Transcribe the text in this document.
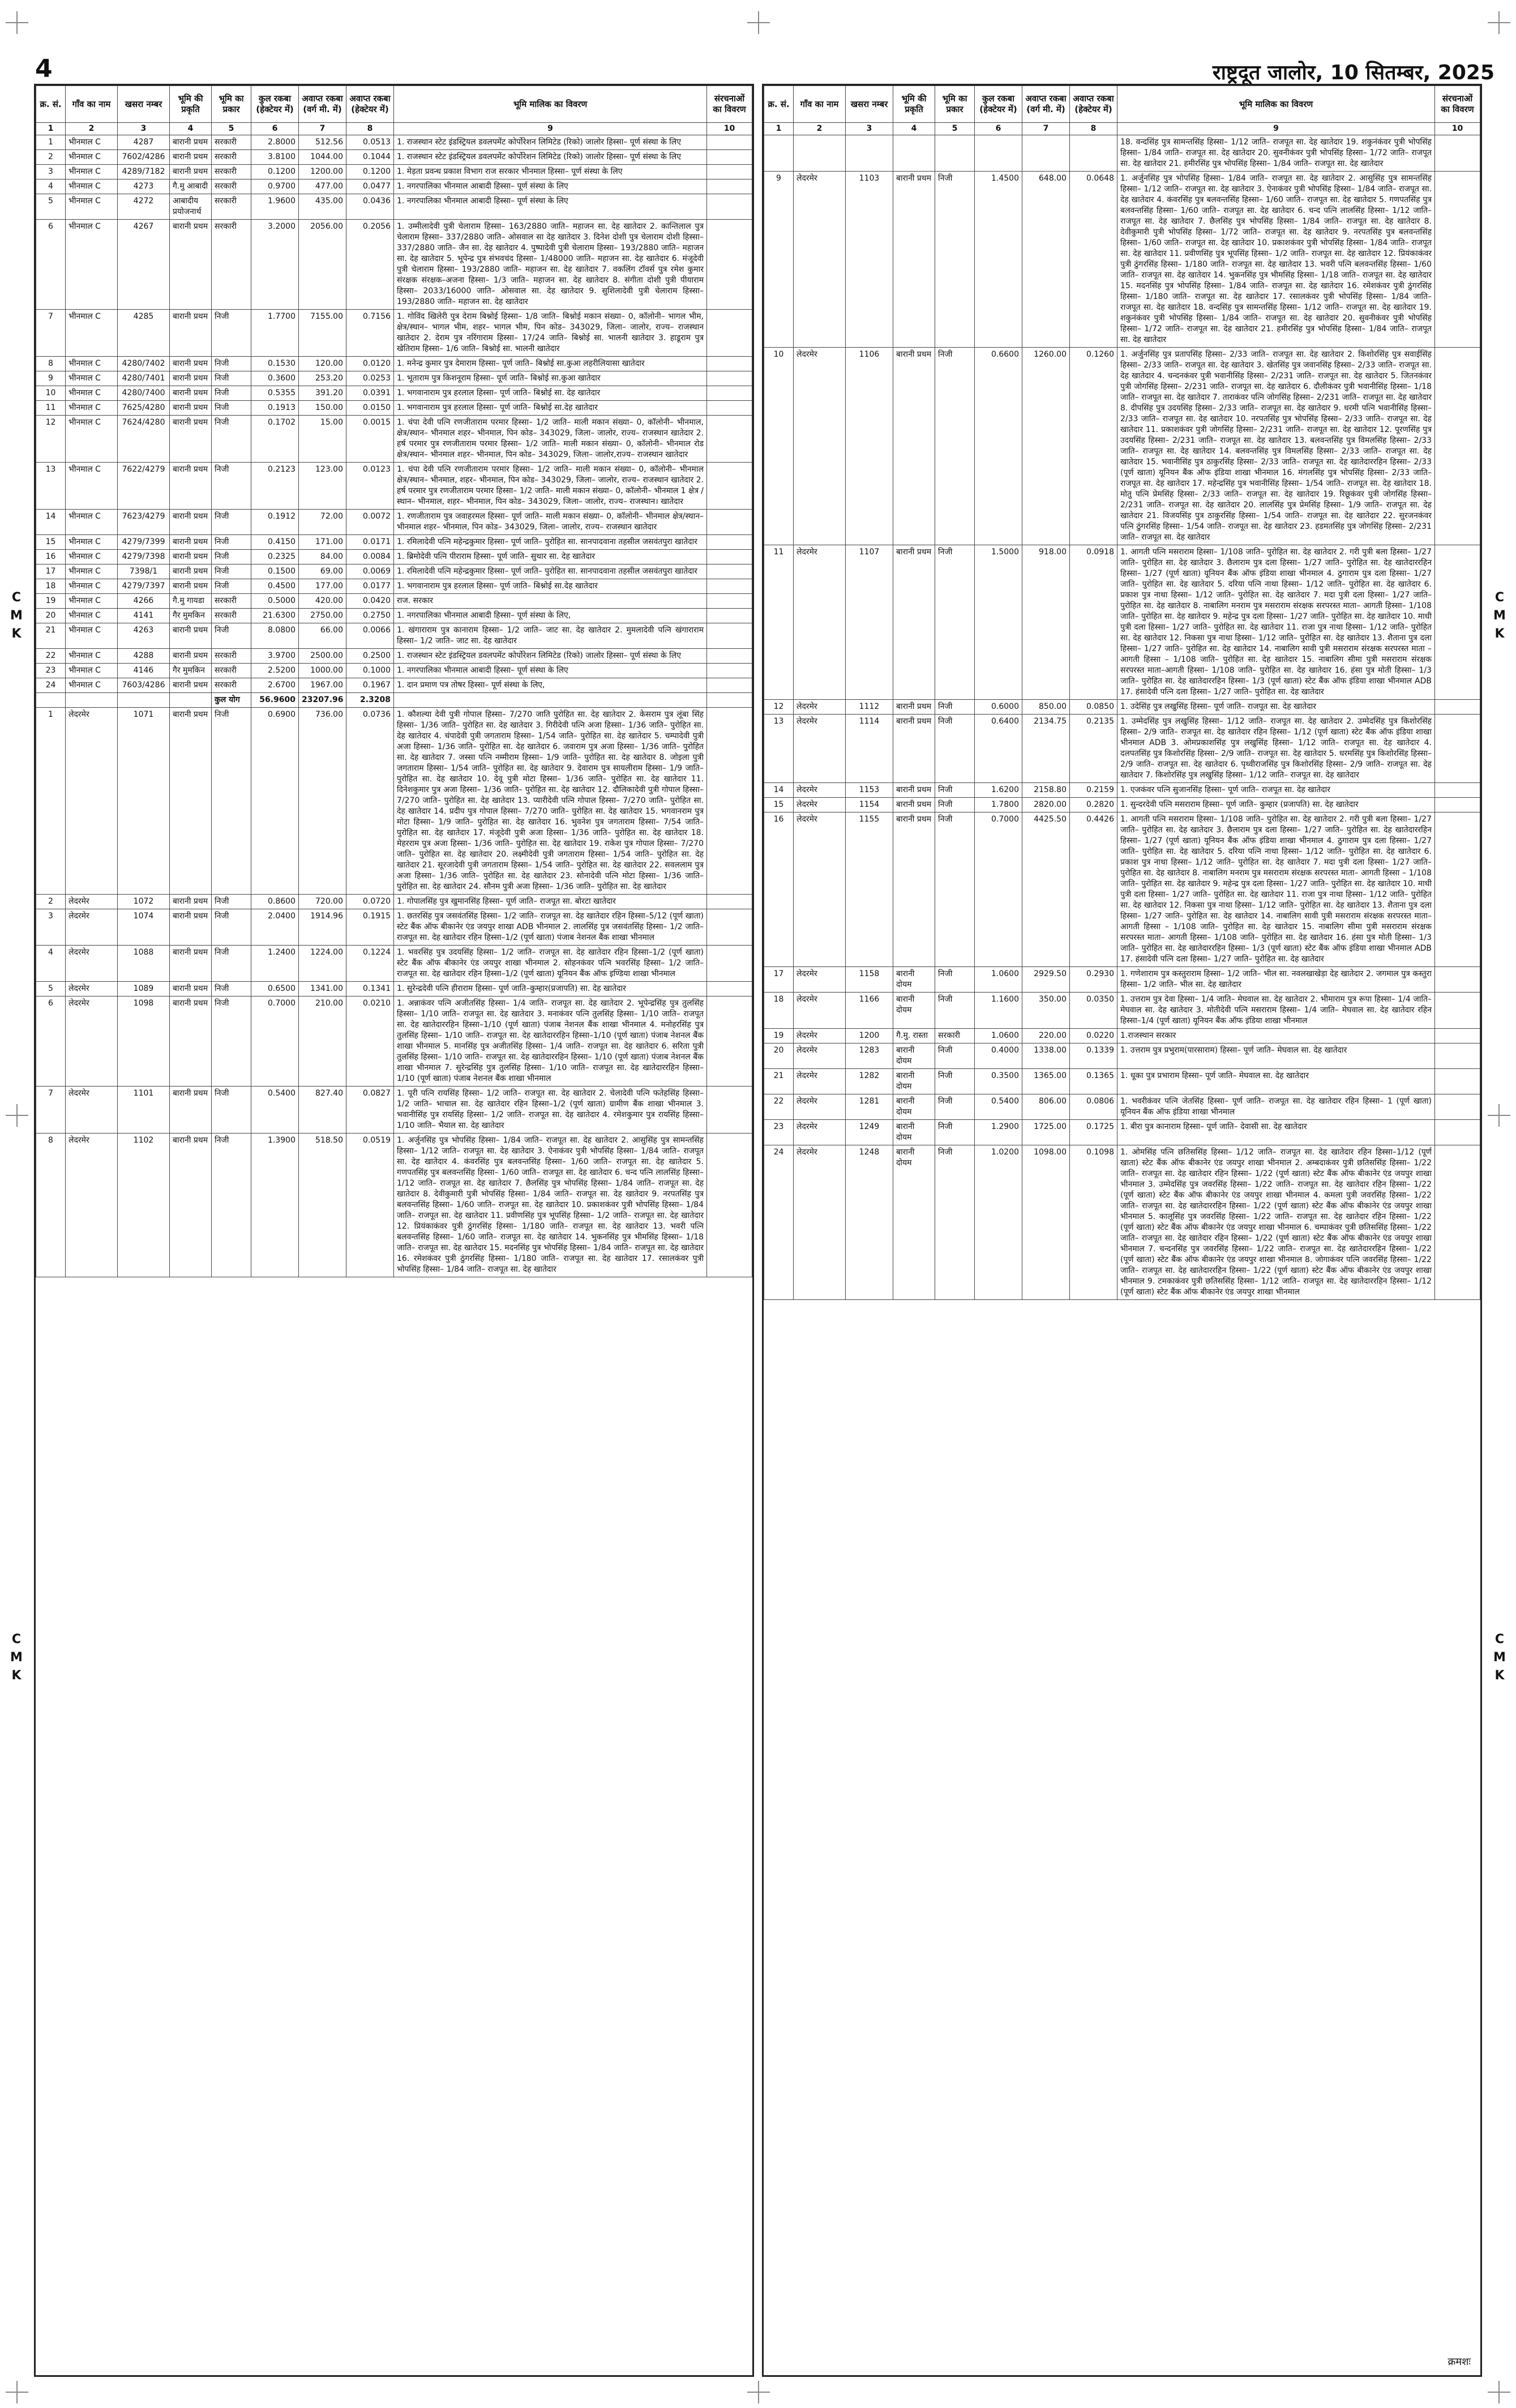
4	राष्ट्रदूत जालोर, 10 सितम्बर, 2025
C
M
K
C
M
K
C
M
K
C
M
K
क्र. सं.	गाँव का नाम	खसरा नम्बर	भूमि की प्रकृति	भूमि का प्रकार	कुल रकबा (हेक्टेयर में)	अवाप्त रकबा (वर्ग मी. में)	अवाप्त रकबा (हेक्टेयर में)	भूमि मालिक का विवरण	संरचनाओं का विवरण
1	2	3	4	5	6	7	8	9	10
1	भीनमाल C	4287	बारानी प्रथम	सरकारी	2.8000	512.56	0.0513	1. राजस्थान स्टेट इंडस्ट्रियल डवलपमेंट कोर्पोरेशन लिमिटेड (रिको) जालोर हिस्सा– पूर्ण संस्था के लिए	
2	भीनमाल C	7602/4286	बारानी प्रथम	सरकारी	3.8100	1044.00	0.1044	1. राजस्थान स्टेट इंडस्ट्रियल डवलपमेंट कोर्पोरेशन लिमिटेड (रिको) जालोर हिस्सा– पूर्ण संस्था के लिए	
3	भीनमाल C	4289/7182	बारानी प्रथम	सरकारी	0.1200	1200.00	0.1200	1. मेड़ता प्रवन्ध प्रकाश विभाग राज सरकार भीनमाल हिस्सा– पूर्ण संस्था के लिए	
4	भीनमाल C	4273	गै.मु आबादी	सरकारी	0.9700	477.00	0.0477	1. नगरपालिका भीनमाल आबादी हिस्सा– पूर्ण संस्था के लिए	
5	भीनमाल C	4272	आबादीय प्रयोजनार्थ	सरकारी	1.9600	435.00	0.0436	1. नगरपालिका भीनमाल आबादी हिस्सा– पूर्ण संस्था के लिए	
6	भीनमाल C	4267	बारानी प्रथम	सरकारी	3.2000	2056.00	0.2056	1. उम्मीलादेवी पुत्री चेलाराम हिस्सा– 163/2880 जाति– महाजन सा. देह खातेदार 2. कान्तिलाल पुत्र चेलाराम हिस्सा– 337/2880 जाति– ओसवाल सा देह खातेदार 3. दिनेश दोशी पुत्र चेलाराम दोशी हिस्सा– 337/2880 जाति– जैन सा. देह खातेदार 4. पुष्पादेवी पुत्री चेलाराम हिस्सा– 193/2880 जाति– महाजन सा. देह खातेदार 5. भूपेन्द्र पुत्र संभवचंद हिस्सा– 1/48000 जाति– महाजन सा. देह खातेदार 6. मंजूदेवी पुत्री चेलाराम हिस्सा– 193/2880 जाति– महाजन सा. देह खातेदार 7. वकलिंग टॉवर्स पुत्र रमेश कुमार संरक्षक संरक्षक–अजना हिस्सा– 1/3 जाति– महाजन सा. देह खातेदार 8. संगीता दोशी पुत्री पीयाराम हिस्सा– 2033/16000 जाति– ओसवाल सा. देह खातेदार 9. सुशिलादेवी पुत्री चेलाराम हिस्सा– 193/2880 जाति– महाजन सा. देह खातेदार	
7	भीनमाल C	4285	बारानी प्रथम	निजी	1.7700	7155.00	0.7156	1. गोविंद खिलेरी पुत्र देराम बिश्नोई हिस्सा– 1/8 जाति– बिश्नोई मकान संख्या– 0, कॉलोनी– भागल भीम, क्षेत्र/स्थान– भागल भीम, शहर– भागल भीम, पिन कोड– 343029, जिला– जालोर, राज्य– राजस्थान खातेदार 2. देराम पुत्र नरिंगाराम हिस्सा– 17/24 जाति– बिश्नोई सा. भालनी खातेदार 3. हाडूराम पुत्र खेतिराम हिस्सा– 1/6 जाति– बिश्नोई सा. भालनी खातेदार	
8	भीनमाल C	4280/7402	बारानी प्रथम	निजी	0.1530	120.00	0.0120	1. मनेन्द्र कुमार पुत्र देमाराम हिस्सा– पूर्ण जाति– बिश्नोई सा.कुआ लहरीलियासा खातेदार	
9	भीनमाल C	4280/7401	बारानी प्रथम	निजी	0.3600	253.20	0.0253	1. भूताराम पुत्र किशनूराम हिस्सा– पूर्ण जाति– बिश्नोई सा.कुआ खातेदार	
10	भीनमाल C	4280/7400	बारानी प्रथम	निजी	0.5355	391.20	0.0391	1. भगवानाराम पुत्र हरलाल हिस्सा– पूर्ण जाति– बिश्नोई सा. देह खातेदार	
11	भीनमाल C	7625/4280	बारानी प्रथम	निजी	0.1913	150.00	0.0150	1. भगवानाराम पुत्र हरलाल हिस्सा– पूर्ण जाति– बिश्नोई सा.देह खातेदार	
12	भीनमाल C	7624/4280	बारानी प्रथम	निजी	0.1702	15.00	0.0015	1. चंपा देवी पत्नि रणजीताराम परमार हिस्सा– 1/2 जाति– माली मकान संख्या– 0, कॉलोनी– भीनमाल, क्षेत्र/स्थान– भीनमाल शहर– भीनमाल, पिन कोड– 343029, जिला– जालोर, राज्य– राजस्थान खातेदार 2. हर्ष परमार पुत्र रणजीताराम परमार हिस्सा– 1/2 जाति– माली मकान संख्या– 0, कॉलोनी– भीनमाल रोड क्षेत्र/स्थान– भीनमाल शहर– भीनमाल, पिन कोड– 343029, जिला– जालोर,राज्य– राजस्थान खातेदार	
13	भीनमाल C	7622/4279	बारानी प्रथम	निजी	0.2123	123.00	0.0123	1. चंपा देवी पत्नि रणजीताराम परमार हिस्सा– 1/2 जाति– माली मकान संख्या– 0, कॉलोनी– भीनमाल क्षेत्र/स्थान– भीनमाल, शहर– भीनमाल, पिन कोड– 343029, जिला– जालोर, राज्य– राजस्थान खातेदार 2. हर्ष परमार पुत्र रणजीताराम परमार हिस्सा– 1/2 जाति– माली मकान संख्या– 0, कॉलोनी– भीनमाल 1 क्षेत्र / स्थान– भीनमाल, शहर– भीनमाल, पिन कोड– 343029, जिला– जालोर, राज्य– राजस्थान। खातेदार	
14	भीनमाल C	7623/4279	बारानी प्रथम	निजी	0.1912	72.00	0.0072	1. रणजीताराम पुत्र जवाहरमल हिस्सा– पूर्ण जाति– माली मकान संख्या– 0, कॉलोनी– भीनमाल क्षेत्र/स्थान– भीनमाल शहर– भीनमाल, पिन कोड– 343029, जिला– जालोर, राज्य– राजस्थान खातेदार	
15	भीनमाल C	4279/7399	बारानी प्रथम	निजी	0.4150	171.00	0.0171	1. रमिलादेवी पत्नि महेन्द्रकुमार हिस्सा– पूर्ण जाति– पुरोहित सा. सानपादवाना तहसील जसवंतपुरा खातेदार	
16	भीनमाल C	4279/7398	बारानी प्रथम	निजी	0.2325	84.00	0.0084	1. ब्रिमोदेवी पत्नि पीराराम हिस्सा– पूर्ण जाति– सुथार सा. देह खातेदार	
17	भीनमाल C	7398/1	बारानी प्रथम	निजी	0.1500	69.00	0.0069	1. रमिलादेवी पत्नि महेन्द्रकुमार हिस्सा– पूर्ण जाति– पुरोहित सा. सानपादवाना तहसील जसवंतपुरा खातेदार	
18	भीनमाल C	4279/7397	बारानी प्रथम	निजी	0.4500	177.00	0.0177	1. भगवानाराम पुत्र हरलाल हिस्सा– पूर्ण जाति– बिश्नोई सा.देह खातेदार	
19	भीनमाल C	4266	गै.मु गायडा	सरकारी	0.5000	420.00	0.0420	राज. सरकार	
20	भीनमाल C	4141	गैर मुमकिन	सरकारी	21.6300	2750.00	0.2750	1. नगरपालिका भीनमाल आबादी हिस्सा– पूर्ण संस्था के लिए,	
21	भीनमाल C	4263	बारानी प्रथम	निजी	8.0800	66.00	0.0066	1. खंगाराराम पुत्र कानाराम हिस्सा– 1/2 जाति– जाट सा. देह खातेदार 2. मुमलादेवी पत्नि खंगाराराम हिस्सा– 1/2 जाति– जाट सा. देह खातेदार	
22	भीनमाल C	4288	बारानी प्रथम	सरकारी	3.9700	2500.00	0.2500	1. राजस्थान स्टेट इंडस्ट्रियल डवलपमेंट कोर्पोरेशन लिमिटेड (रिको) जालोर हिस्सा– पूर्ण संस्था के लिए	
23	भीनमाल C	4146	गैर मुमकिन	सरकारी	2.5200	1000.00	0.1000	1. नगरपालिका भीनमाल आबादी हिस्सा– पूर्ण संस्था के लिए	
24	भीनमाल C	7603/4286	बारानी प्रथम	सरकारी	2.6700	1967.00	0.1967	1. दान प्रमाण पत्र तोषर हिस्सा– पूर्ण संस्था के लिए,	
				कुल योग	56.9600	23207.96	2.3208		
1	लेदरमेर	1071	बारानी प्रथम	निजी	0.6900	736.00	0.0736	1. कौशल्या देवी पुत्री गोपाल हिस्सा– 7/270 जाति पुरोहित सा. देह खातेदार 2. केसराम पुत्र लूंबा सिंह हिस्सा– 1/36 जाति– पुरोहित सा. देह खातेदार 3. गिरीदेवी पत्नि अजा हिस्सा– 1/36 जाति– पुरोहित सा. देह खातेदार 4. चंपादेवी पुत्री जगताराम हिस्सा– 1/54 जाति– पुरोहित सा. देह खातेदार 5. चम्पादेवी पुत्री अजा हिस्सा– 1/36 जाति– पुरोहित सा. देह खातेदार 6. जवाराम पुत्र अजा हिस्सा– 1/36 जाति– पुरोहित सा. देह खातेदार 7. जस्सा पत्नि नम्मीराम हिस्सा– 1/9 जाति– पुरोहित सा. देह खातेदार 8. जोइला पुत्री जगताराम हिस्सा– 1/54 जाति– पुरोहित सा. देह खातेदार 9. देवाराम पुत्र सायलीराम हिस्सा– 1/9 जाति– पुरोहित सा. देह खातेदार 10. देवू पुत्री मोटा हिस्सा– 1/36 जाति– पुरोहित सा. देह खातेदार 11. दिनेशकुमार पुत्र अजा हिस्सा– 1/36 जाति– पुरोहित सा. देह खातेदार 12. दौलिकादेवी पुत्री गोपाल हिस्सा– 7/270 जाति– पुरोहित सा. देह खातेदार 13. प्यारीदेवी पत्नि गोपाल हिस्सा– 7/270 जाति– पुरोहित सा. देह खातेदार 14. प्रदीप पुत्र गोपाल हिस्सा– 7/270 जाति– पुरोहित सा. देह खातेदार 15. भगवानराम पुत्र मोटा हिस्सा– 1/9 जाति– पुरोहित सा. देह खातेदार 16. भुवनेश पुत्र जगताराम हिस्सा– 7/54 जाति– पुरोहित सा. देह खातेदार 17. मंजूदेवी पुत्री अजा हिस्सा– 1/36 जाति– पुरोहित सा. देह खातेदार 18. मेहरराम पुत्र अजा हिस्सा– 1/36 जाति– पुरोहित सा. देह खातेदार 19. राकेश पुत्र गोपाल हिस्सा– 7/270 जाति– पुरोहित सा. देह खातेदार 20. लक्ष्मीदेवी पुत्री जगताराम हिस्सा– 1/54 जाति– पुरोहित सा. देह खातेदार 21. सूरजादेवी पुत्री जगताराम हिस्सा– 1/54 जाति– पुरोहित सा. देह खातेदार 22. सवललाम पुत्र अजा हिस्सा– 1/36 जाति– पुरोहित सा. देह खातेदार 23. सोनादेवी पत्नि मोटा हिस्सा– 1/36 जाति– पुरोहित सा. देह खातेदार 24. सौनम पुत्री अजा हिस्सा– 1/36 जाति– पुरोहित सा. देह खातेदार	
2	लेदरमेर	1072	बारानी प्रथम	निजी	0.8600	720.00	0.0720	1. गोपालसिंह पुत्र खुमानसिंह हिस्सा– पूर्ण जाति– राजपूत सा. बोरटा खातेदार	
3	लेदरमेर	1074	बारानी प्रथम	निजी	2.0400	1914.96	0.1915	1. छतरसिंह पुत्र जसवंतसिंह हिस्सा– 1/2 जाति– राजपूत सा. देह खातेदार रहिन हिस्सा–5/12 (पूर्ण खाता) स्टेट बैंक ऑफ बीकानेर एंड जयपुर शाखा ADB भीनमाल 2. लालसिंह पुत्र जसवंतसिंह हिस्सा– 1/2 जाति– राजपूत सा. देह खातेदार रहिन हिस्सा–1/2 (पूर्ण खाता) पंजाब नेशनल बैंक शाखा भीनमाल	
4	लेदरमेर	1088	बारानी प्रथम	निजी	1.2400	1224.00	0.1224	1. भवरसिंह पुत्र उदयसिंह हिस्सा– 1/2 जाति– राजपूत सा. देह खातेदार रहिन हिस्सा–1/2 (पूर्ण खाता) स्टेट बैंक ऑफ बीकानेर एंड जयपुर शाखा भीनमाल 2. सोहनकंवर पत्नि भवरसिंह हिस्सा– 1/2 जाति– राजपूत सा. देह खातेदार रहिन हिस्सा–1/2 (पूर्ण खाता) यूनियन बैंक ऑफ इण्डिया शाखा भीनमाल	
5	लेदरमेर	1089	बारानी प्रथम	निजी	0.6500	1341.00	0.1341	1. सुरेन्द्रदेवी पत्नि हीराराम हिस्सा– पूर्ण जाति–कुम्हार(प्रजापति) सा. देह खातेदार	
6	लेदरमेर	1098	बारानी प्रथम	निजी	0.7000	210.00	0.0210	1. अन्नाकंवर पत्नि अजीतसिंह हिस्सा– 1/4 जाति– राजपूत सा. देह खातेदार 2. भूपेन्द्रसिंह पुत्र तुलसिंह हिस्सा– 1/10 जाति– राजपूत सा. देह खातेदार 3. मनाकंवर पत्नि तुलसिंह हिस्सा– 1/10 जाति– राजपूत सा. देह खातेदाररहिन हिस्सा–1/10 (पूर्ण खाता) पंजाब नेशनल बैंक शाखा भीनमाल 4. मनोहरसिंह पुत्र तुलसिंह हिस्सा– 1/10 जाति– राजपूत सा. देह खातेदाररहिन हिस्सा–1/10 (पूर्ण खाता) पंजाब नेशनल बैंक शाखा भीनमाल 5. मानसिंह पुत्र अजीतसिंह हिस्सा– 1/4 जाति– राजपूत सा. देह खातेदार 6. सरिता पुत्री तुलसिंह हिस्सा– 1/10 जाति– राजपूत सा. देह खातेदाररहिन हिस्सा– 1/10 (पूर्ण खाता) पंजाब नेशनल बैंक शाखा भीनमाल 7. सुरेन्द्रसिंह पुत्र तुलसिंह हिस्सा– 1/10 जाति– राजपूत सा. देह खातेदाररहिन हिस्सा–1/10 (पूर्ण खाता) पंजाब नेशनल बैंक शाखा भीनमाल	
7	लेदरमेर	1101	बारानी प्रथम	निजी	0.5400	827.40	0.0827	1. पूरी पत्नि रायसिंह हिस्सा– 1/2 जाति– राजपूत सा. देह खातेदार 2. चेलादेवी पत्नि फतेहसिंह हिस्सा– 1/2 जाति– भाचाल सा. देह खातेदार रहिन हिस्सा–1/2 (पूर्ण खाता) ग्रामीण बैंक शाखा भीनमाल 3. भवानीसिंह पुत्र रायसिंह हिस्सा– 1/2 जाति– राजपूत सा. देह खातेदार 4. रमेशकुमार पुत्र रायसिंह हिस्सा– 1/10 जाति– भैयाल सा. देह खातेदार	
8	लेदरमेर	1102	बारानी प्रथम	निजी	1.3900	518.50	0.0519	1. अर्जुनसिंह पुत्र भोपसिंह हिस्सा– 1/84 जाति– राजपूत सा. देह खातेदार 2. आसुसिंह पुत्र सामन्तसिंह हिस्सा– 1/12 जाति– राजपूत सा. देह खातेदार 3. ऐनाकंवर पुत्री भोपसिंह हिस्सा– 1/84 जाति– राजपूत सा. देह खातेदार 4. कंवरसिंह पुत्र बलवन्तसिंह हिस्सा– 1/60 जाति– राजपूत सा. देह खातेदार 5. गणपतसिंह पुत्र बलवन्तसिंह हिस्सा– 1/60 जाति– राजपूत सा. देह खातेदार 6. चन्द पत्नि लालसिंह हिस्सा– 1/12 जाति– राजपूत सा. देह खातेदार 7. छैलसिंह पुत्र भोपसिंह हिस्सा– 1/84 जाति– राजपूत सा. देह खातेदार 8. देवीकुमारी पुत्री भोपसिंह हिस्सा– 1/84 जाति– राजपूत सा. देह खातेदार 9. नरपतसिंह पुत्र बलवन्तसिंह हिस्सा– 1/60 जाति– राजपूत सा. देह खातेदार 10. प्रकाशकंवर पुत्री भोपसिंह हिस्सा– 1/84 जाति– राजपूत सा. देह खातेदार 11. प्रवीणसिंह पुत्र भूपसिंह हिस्सा– 1/2 जाति– राजपूत सा. देह खातेदार 12. प्रियंकाकंवर पुत्री ठुंगरसिंह हिस्सा– 1/180 जाति– राजपूत सा. देह खातेदार 13. भवरी पत्नि बलवन्तसिंह हिस्सा– 1/60 जाति– राजपूत सा. देह खातेदार 14. भुकनसिंह पुत्र भीमसिंह हिस्सा– 1/18 जाति– राजपूत सा. देह खातेदार 15. मदनसिंह पुत्र भोपसिंह हिस्सा– 1/84 जाति– राजपूत सा. देह खातेदार 16. रमेशकंवर पुत्री ठुंगरसिंह हिस्सा– 1/180 जाति– राजपूत सा. देह खातेदार 17. रसालकंवर पुत्री भोपसिंह हिस्सा– 1/84 जाति– राजपूत सा. देह खातेदार	
क्र. सं.	गाँव का नाम	खसरा नम्बर	भूमि की प्रकृति	भूमि का प्रकार	कुल रकबा (हेक्टेयर में)	अवाप्त रकबा (वर्ग मी. में)	अवाप्त रकबा (हेक्टेयर में)	भूमि मालिक का विवरण	संरचनाओं का विवरण
1	2	3	4	5	6	7	8	9	10
								18. वन्दसिंह पुत्र सामन्तसिंह हिस्सा– 1/12 जाति– राजपूत सा. देह खातेदार 19. शकुनंकंवर पुत्री भोपसिंह हिस्सा– 1/84 जाति– राजपूत सा. देह खातेदार 20. सुवनीकंवर पुत्री भोपसिंह हिस्सा– 1/72 जाति– राजपूत सा. देह खातेदार 21. हमीरसिंह पुत्र भोपसिंह हिस्सा– 1/84 जाति– राजपूत सा. देह खातेदार	
9	लेदरमेर	1103	बारानी प्रथम	निजी	1.4500	648.00	0.0648	1. अर्जुनसिंह पुत्र भोपसिंह हिस्सा– 1/84 जाति– राजपूत सा. देह खातेदार 2. आसुसिंह पुत्र सामन्तसिंह हिस्सा– 1/12 जाति– राजपूत सा. देह खातेदार 3. ऐनाकंवर पुत्री भोपसिंह हिस्सा– 1/84 जाति– राजपूत सा. देह खातेदार 4. कंवरसिंह पुत्र बलवन्तसिंह हिस्सा– 1/60 जाति– राजपूत सा. देह खातेदार 5. गणपतसिंह पुत्र बलवन्तसिंह हिस्सा– 1/60 जाति– राजपूत सा. देह खातेदार 6. चन्द पत्नि लालसिंह हिस्सा– 1/12 जाति– राजपूत सा. देह खातेदार 7. छैलसिंह पुत्र भोपसिंह हिस्सा– 1/84 जाति– राजपूत सा. देह खातेदार 8. देवीकुमारी पुत्री भोपसिंह हिस्सा– 1/72 जाति– राजपूत सा. देह खातेदार 9. नरपतसिंह पुत्र बलवन्तसिंह हिस्सा– 1/60 जाति– राजपूत सा. देह खातेदार 10. प्रकाशकंवर पुत्री भोपसिंह हिस्सा– 1/84 जाति– राजपूत सा. देह खातेदार 11. प्रवीणसिंह पुत्र भूपसिंह हिस्सा– 1/2 जाति– राजपूत सा. देह खातेदार 12. प्रियंकाकंवर पुत्री ठुंगरसिंह हिस्सा– 1/180 जाति– राजपूत सा. देह खातेदार 13. भवरी पत्नि बलवन्तसिंह हिस्सा– 1/60 जाति– राजपूत सा. देह खातेदार 14. भुकनसिंह पुत्र भीमसिंह हिस्सा– 1/18 जाति– राजपूत सा. देह खातेदार 15. मदनसिंह पुत्र भोपसिंह हिस्सा– 1/84 जाति– राजपूत सा. देह खातेदार 16. रमेशकंवर पुत्री ठुंगरसिंह हिस्सा– 1/180 जाति– राजपूत सा. देह खातेदार 17. रसालकंवर पुत्री भोपसिंह हिस्सा– 1/84 जाति– राजपूत सा. देह खातेदार 18. वन्दसिंह पुत्र सामन्तसिंह हिस्सा– 1/12 जाति– राजपूत सा. देह खातेदार 19. शकुनंकंवर पुत्री भोपसिंह हिस्सा– 1/84 जाति– राजपूत सा. देह खातेदार 20. सुवनीकंवर पुत्री भोपसिंह हिस्सा– 1/72 जाति– राजपूत सा. देह खातेदार 21. हमीरसिंह पुत्र भोपसिंह हिस्सा– 1/84 जाति– राजपूत सा. देह खातेदार	
10	लेदरमेर	1106	बारानी प्रथम	निजी	0.6600	1260.00	0.1260	1. अर्जुनसिंह पुत्र प्रतापसिंह हिस्सा– 2/33 जाति– राजपूत सा. देह खातेदार 2. किशोरसिंह पुत्र सवाईसिंह हिस्सा– 2/33 जाति– राजपूत सा. देह खातेदार 3. खेतसिंह पुत्र जवानसिंह हिस्सा– 2/33 जाति– राजपूत सा. देह खातेदार 4. चन्दनकंवर पुत्री भवानीसिंह हिस्सा– 2/231 जाति– राजपूत सा. देह खातेदार 5. जितनकंवर पुत्री जोगसिंह हिस्सा– 2/231 जाति– राजपूत सा. देह खातेदार 6. दौलीकंवर पुत्री भवानीसिंह हिस्सा– 1/18 जाति– राजपूत सा. देह खातेदार 7. ताराकंवर पत्नि जोगसिंह हिस्सा– 2/231 जाति– राजपूत सा. देह खातेदार 8. दीपसिंह पुत्र उदयसिंह हिस्सा– 2/33 जाति– राजपूत सा. देह खातेदार 9. धरमी पत्नि भवानीसिंह हिस्सा– 2/33 जाति– राजपूत सा. देह खातेदार 10. नरपतसिंह पुत्र भोपसिंह हिस्सा– 2/33 जाति– राजपूत सा. देह खातेदार 11. प्रकाशकंवर पुत्री जोगसिंह हिस्सा– 2/231 जाति– राजपूत सा. देह खातेदार 12. पूरणसिंह पुत्र उदयसिंह हिस्सा– 2/231 जाति– राजपूत सा. देह खातेदार 13. बलवन्तसिंह पुत्र विमलसिंह हिस्सा– 2/33 जाति– राजपूत सा. देह खातेदार 14. बलवन्तसिंह पुत्र विमलसिंह हिस्सा– 2/33 जाति– राजपूत सा. देह खातेदार 15. भवानीसिंह पुत्र ठाकुरसिंह हिस्सा– 2/33 जाति– राजपूत सा. देह खातेदाररहिन हिस्सा– 2/33 (पूर्ण खाता) यूनियन बैंक ऑफ इंडिया शाखा भीनमाल 16. मंगलसिंह पुत्र भोपसिंह हिस्सा– 2/33 जाति– राजपूत सा. देह खातेदार 17. महेन्द्रसिंह पुत्र भवानीसिंह हिस्सा– 1/54 जाति– राजपूत सा. देह खातेदार 18. मोतु पत्नि प्रेमसिंह हिस्सा– 2/33 जाति– राजपूत सा. देह खातेदार 19. रिछूकंवर पुत्री जोगसिंह हिस्सा– 2/231 जाति– राजपूत सा. देह खातेदार 20. लालसिंह पुत्र प्रेमसिंह हिस्सा– 1/9 जाति– राजपूत सा. देह खातेदार 21. विजयसिंह पुत्र ठाकुरसिंह हिस्सा– 1/54 जाति– राजपूत सा. देह खातेदार 22. सुरजनकंवर पत्नि ठुंगरसिंह हिस्सा– 1/54 जाति– राजपूत सा. देह खातेदार 23. हडमतसिंह पुत्र जोगसिंह हिस्सा– 2/231 जाति– राजपूत सा. देह खातेदार	
11	लेदरमेर	1107	बारानी प्रथम	निजी	1.5000	918.00	0.0918	1. आगती पत्नि मसराराम हिस्सा– 1/108 जाति– पुरोहित सा. देह खातेदार 2. गरी पुत्री बला हिस्सा– 1/27 जाति– पुरोहित सा. देह खातेदार 3. छैलाराम पुत्र दला हिस्सा– 1/27 जाति– पुरोहित सा. देह खातेदाररहिन हिस्सा– 1/27 (पूर्ण खाता) यूनियन बैंक ऑफ इंडिया शाखा भीनमाल 4. ठुगाराम पुत्र दला हिस्सा– 1/27 जाति– पुरोहित सा. देह खातेदार 5. दरिया पत्नि नाथा हिस्सा– 1/12 जाति– पुरोहित सा. देह खातेदार 6. प्रकाश पुत्र नाथा हिस्सा– 1/12 जाति– पुरोहित सा. देह खातेदार 7. मदा पुत्री दला हिस्सा– 1/27 जाति– पुरोहित सा. देह खातेदार 8. नाबालिग मनराम पुत्र मसराराम संरक्षक सरपरस्त माता– आगती हिस्सा– 1/108 जाति– पुरोहित सा. देह खातेदार 9. महेन्द्र पुत्र दला हिस्सा– 1/27 जाति– पुरोहित सा. देह खातेदार 10. माधी पुत्री दला हिस्सा– 1/27 जाति– पुरोहित सा. देह खातेदार 11. राजा पुत्र नाथा हिस्सा– 1/12 जाति– पुरोहित सा. देह खातेदार 12. निकसा पुत्र नाथा हिस्सा– 1/12 जाति– पुरोहित सा. देह खातेदार 13. शैताना पुत्र दला हिस्सा– 1/27 जाति– पुरोहित सा. देह खातेदार 14. नाबालिग सावी पुत्री मसराराम संरक्षक सरपरस्त माता – आगती हिस्सा – 1/108 जाति– पुरोहित सा. देह खातेदार 15. नाबालिग सीमा पुत्री मसराराम संरक्षक सरपरस्त माता–आगती हिस्सा– 1/108 जाति– पुरोहित सा. देह खातेदार 16. हंसा पुत्र मोती हिस्सा– 1/3 जाति– पुरोहित सा. देह खातेदाररहिन हिस्सा– 1/3 (पूर्ण खाता) स्टेट बैंक ऑफ इंडिया शाखा भीनमाल ADB 17. हंसादेवी पत्नि दला हिस्सा– 1/27 जाति– पुरोहित सा. देह खातेदार	
12	लेदरमेर	1112	बारानी प्रथम	निजी	0.6000	850.00	0.0850	1. उदेसिंह पुत्र लखुसिंह हिस्सा– पूर्ण जाति– राजपूत सा. देह खातेदार	
13	लेदरमेर	1114	बारानी प्रथम	निजी	0.6400	2134.75	0.2135	1. उम्मेदसिंह पुत्र लखुसिंह हिस्सा– 1/12 जाति– राजपूत सा. देह खातेदार 2. उम्मेदसिंह पुत्र किशोरसिंह हिस्सा– 2/9 जाति– राजपूत सा. देह खातेदार रहिन हिस्सा– 1/12 (पूर्ण खाता) स्टेट बैंक ऑफ इंडिया शाखा भीनमाल ADB 3. ओमप्रकाशसिंह पुत्र लखुसिंह हिस्सा– 1/12 जाति– राजपूत सा. देह खातेदार 4. दलपतसिंह पुत्र किशोरसिंह हिस्सा– 2/9 जाति– राजपूत सा. देह खातेदार 5. धरमसिंह पुत्र किशोरसिंह हिस्सा– 2/9 जाति– राजपूत सा. देह खातेदार 6. पृथ्वीराजसिंह पुत्र किशोरसिंह हिस्सा– 2/9 जाति– राजपूत सा. देह खातेदार 7. किशोरसिंह पुत्र लखुसिंह हिस्सा– 1/12 जाति– राजपूत सा. देह खातेदार	
14	लेदरमेर	1153	बारानी प्रथम	निजी	1.6200	2158.80	0.2159	1. एजकंवर पत्नि सुजानसिंह हिस्सा– पूर्ण जाति– राजपूत सा. देह खातेदार	
15	लेदरमेर	1154	बारानी प्रथम	निजी	1.7800	2820.00	0.2820	1. सुन्दरदेवी पत्नि मसराराम हिस्सा– पूर्ण जाति– कुम्हार (प्रजापति) सा. देह खातेदार	
16	लेदरमेर	1155	बारानी प्रथम	निजी	0.7000	4425.50	0.4426	1. आगती पत्नि मसराराम हिस्सा– 1/108 जाति– पुरोहित सा. देह खातेदार 2. गरी पुत्री बला हिस्सा– 1/27 जाति– पुरोहित सा. देह खातेदार 3. छैलाराम पुत्र दला हिस्सा– 1/27 जाति– पुरोहित सा. देह खातेदाररहिन हिस्सा– 1/27 (पूर्ण खाता) यूनियन बैंक ऑफ इंडिया शाखा भीनमाल 4. ठुगाराम पुत्र दला हिस्सा– 1/27 जाति– पुरोहित सा. देह खातेदार 5. दरिया पत्नि नाथा हिस्सा– 1/12 जाति– पुरोहित सा. देह खातेदार 6. प्रकाश पुत्र नाथा हिस्सा– 1/12 जाति– पुरोहित सा. देह खातेदार 7. मदा पुत्री दला हिस्सा– 1/27 जाति– पुरोहित सा. देह खातेदार 8. नाबालिग मनराम पुत्र मसराराम संरक्षक सरपरस्त माता– आगती हिस्सा – 1/108 जाति– पुरोहित सा. देह खातेदार 9. महेन्द्र पुत्र दला हिस्सा– 1/27 जाति– पुरोहित सा. देह खातेदार 10. माधी पुत्री दला हिस्सा– 1/27 जाति– पुरोहित सा. देह खातेदार 11. राजा पुत्र नाथा हिस्सा– 1/12 जाति– पुरोहित सा. देह खातेदार 12. निकसा पुत्र नाथा हिस्सा– 1/12 जाति– पुरोहित सा. देह खातेदार 13. शैताना पुत्र दला हिस्सा– 1/27 जाति– पुरोहित सा. देह खातेदार 14. नाबालिग सावी पुत्री मसराराम संरक्षक सरपरस्त माता– आगती हिस्सा – 1/108 जाति– पुरोहित सा. देह खातेदार 15. नाबालिग सीमा पुत्री मसराराम संरक्षक सरपरस्त माता– आगती हिस्सा– 1/108 जाति– पुरोहित सा. देह खातेदार 16. हंसा पुत्र मोती हिस्सा– 1/3 जाति– पुरोहित सा. देह खातेदाररहिन हिस्सा– 1/3 (पूर्ण खाता) स्टेट बैंक ऑफ इंडिया शाखा भीनमाल ADB 17. हंसादेवी पत्नि दला हिस्सा– 1/27 जाति– पुरोहित सा. देह खातेदार	
17	लेदरमेर	1158	बारानी दोयम	निजी	1.0600	2929.50	0.2930	1. गणेशाराम पुत्र कस्तुराराम हिस्सा– 1/2 जाति– भील सा. नवलखाखेड़ा देह खातेदार 2. जगमाल पुत्र कस्तुरा हिस्सा– 1/2 जाति– भील सा. देह खातेदार	
18	लेदरमेर	1166	बारानी दोयम	निजी	1.1600	350.00	0.0350	1. उत्तराम पुत्र देवा हिस्सा– 1/4 जाति– मेघवाल सा. देह खातेदार 2. भीमाराम पुत्र रूपा हिस्सा– 1/4 जाति– मेघवाल सा. देह खातेदार 3. मोतीदेवी पत्नि मसराराम हिस्सा– 1/4 जाति– मेघवाल सा. देह खातेदार रहिन हिस्सा–1/4 (पूर्ण खाता) यूनियन बैंक ऑफ इंडिया शाखा भीनमाल	
19	लेदरमेर	1200	गै.मु. रास्ता	सरकारी	1.0600	220.00	0.0220	1.राजस्थान सरकार	
20	लेदरमेर	1283	बारानी दोयम	निजी	0.4000	1338.00	0.1339	1. उत्तराम पुत्र प्रभुराम(पारसाराम) हिस्सा– पूर्ण जाति– मेघवाल सा. देह खातेदार	
21	लेदरमेर	1282	बारानी दोयम	निजी	0.3500	1365.00	0.1365	1. धूका पुत्र प्रभाराम हिस्सा– पूर्ण जाति– मेघवाल सा. देह खातेदार	
22	लेदरमेर	1281	बारानी दोयम	निजी	0.5400	806.00	0.0806	1. भवरीकंवर पत्नि जेतसिंह हिस्सा– पूर्ण जाति– राजपूत सा. देह खातेदार रहिन हिस्सा– 1 (पूर्ण खाता) यूनियन बैंक ऑफ इंडिया शाखा भीनमाल	
23	लेदरमेर	1249	बारानी दोयम	निजी	1.2900	1725.00	0.1725	1. बीरा पुत्र कानाराम हिस्सा– पूर्ण जाति– देवासी सा. देह खातेदार	
24	लेदरमेर	1248	बारानी दोयम	निजी	1.0200	1098.00	0.1098	1. ओमसिंह पत्नि छतिससिंह हिस्सा– 1/12 जाति– राजपूत सा. देह खातेदार रहिन हिस्सा–1/12 (पूर्ण खाता) स्टेट बैंक ऑफ बीकानेर एंड जयपुर शाखा भीनमाल 2. अम्बदाकंवर पुत्री छतिससिंह हिस्सा– 1/22 जाति– राजपूत सा. देह खातेदार रहिन हिस्सा– 1/22 (पूर्ण खाता) स्टेट बैंक ऑफ बीकानेर एंड जयपुर शाखा भीनमाल 3. उम्मेदसिंह पुत्र जवरसिंह हिस्सा– 1/22 जाति– राजपूत सा. देह खातेदार रहिन हिस्सा– 1/22 (पूर्ण खाता) स्टेट बैंक ऑफ बीकानेर एंड जयपुर शाखा भीनमाल 4. कमला पुत्री जवरसिंह हिस्सा– 1/22 जाति– राजपूत सा. देह खातेदाररहिन हिस्सा– 1/22 (पूर्ण खाता) स्टेट बैंक ऑफ बीकानेर एंड जयपुर शाखा भीनमाल 5. कालूसिंह पुत्र जवरसिंह हिस्सा– 1/22 जाति– राजपूत सा. देह खातेदार रहिन हिस्सा– 1/22 (पूर्ण खाता) स्टेट बैंक ऑफ बीकानेर एंड जयपुर शाखा भीनमाल 6. चम्पाकंवर पुत्री छतिससिंह हिस्सा– 1/22 जाति– राजपूत सा. देह खातेदार रहिन हिस्सा– 1/22 (पूर्ण खाता) स्टेट बैंक ऑफ बीकानेर एंड जयपुर शाखा भीनमाल 7. चन्दनसिंह पुत्र जवरसिंह हिस्सा– 1/22 जाति– राजपूत सा. देह खातेदाररहिन हिस्सा– 1/22 (पूर्ण खाता) स्टेट बैंक ऑफ बीकानेर एंड जयपुर शाखा भीनमाल 8. जोगाकंवर पत्नि जवरसिंह हिस्सा– 1/22 जाति– राजपूत सा. देह खातेदाररहिन हिस्सा– 1/22 (पूर्ण खाता) स्टेट बैंक ऑफ बीकानेर एंड जयपुर शाखा भीनमाल 9. टमकाकंवर पुत्री छतिससिंह हिस्सा– 1/12 जाति– राजपूत सा. देह खातेदाररहिन हिस्सा– 1/12 (पूर्ण खाता) स्टेट बैंक ऑफ बीकानेर एंड जयपुर शाखा भीनमाल	
क्रमशः
